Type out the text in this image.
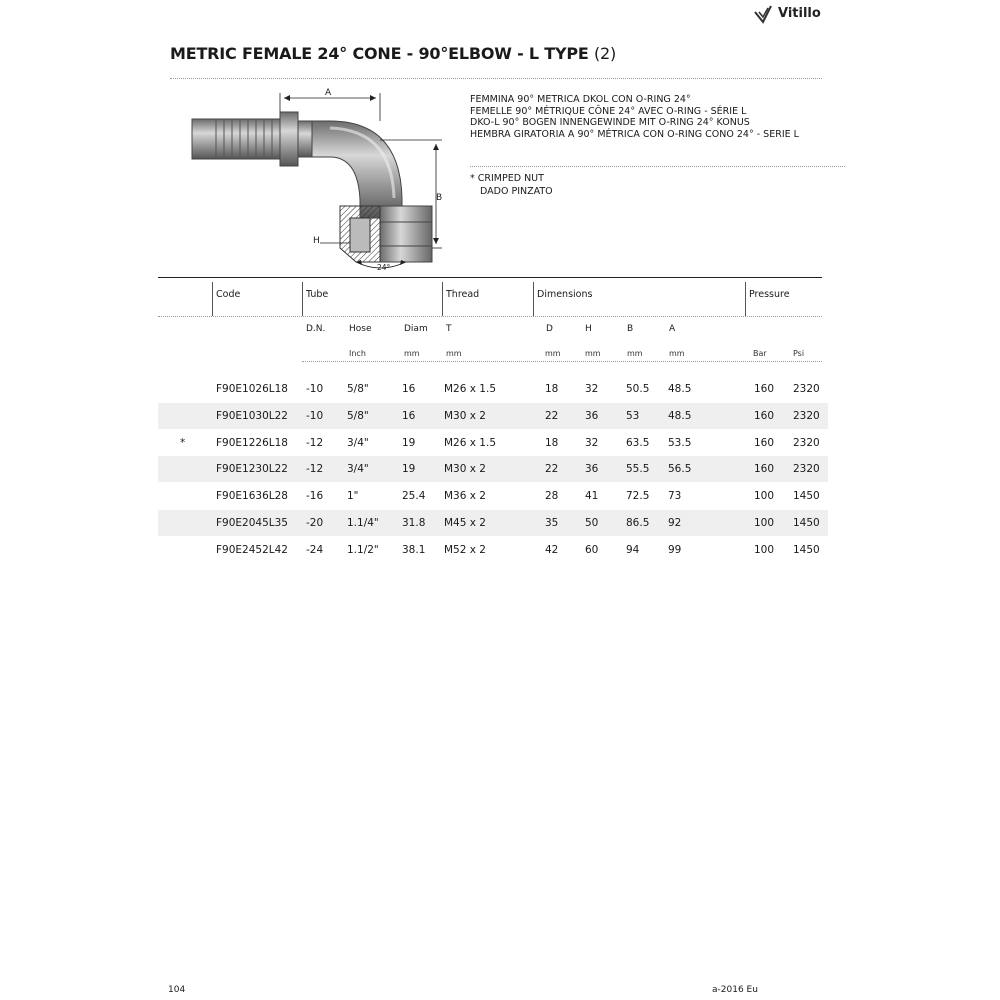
Vitillo
METRIC FEMALE 24° CONE - 90°ELBOW - L TYPE (2)
A
B
H
24°
FEMMINA 90° METRICA DKOL CON O-RING 24°
FEMELLE 90° MÉTRIQUE CÔNE 24° AVEC O-RING - SÉRIE L
DKO-L 90° BOGEN INNENGEWINDE MIT O-RING 24° KONUS
HEMBRA GIRATORIA A 90° MÉTRICA CON O-RING CONO 24° - SERIE L
* CRIMPED NUT
DADO PINZATO
Code	Tube	Thread	Dimensions	Pressure
D.N.	Hose	Diam T	D	H	B	A
Inch	mm	mm	mm	mm	mm	mm	Bar	Psi
F90E1026L18 -10 5/8"	16	M26 x 1.5	18	32	50.5 48.5	160 2320
F90E1030L22 -10 5/8"	16	M30 x 2	22	36	53	48.5	160 2320
*	F90E1226L18 -12 3/4"	19	M26 x 1.5	18	32	63.5 53.5	160 2320
F90E1230L22 -12 3/4"	19	M30 x 2	22	36	55.5 56.5	160 2320
F90E1636L28 -16 1"	25.4 M36 x 2	28	41	72.5 73	100 1450
F90E2045L35 -20 1.1/4" 31.8 M45 x 2	35	50	86.5 92	100 1450
F90E2452L42 -24 1.1/2" 38.1 M52 x 2	42	60	94	99	100 1450
104	a-2016 Eu
